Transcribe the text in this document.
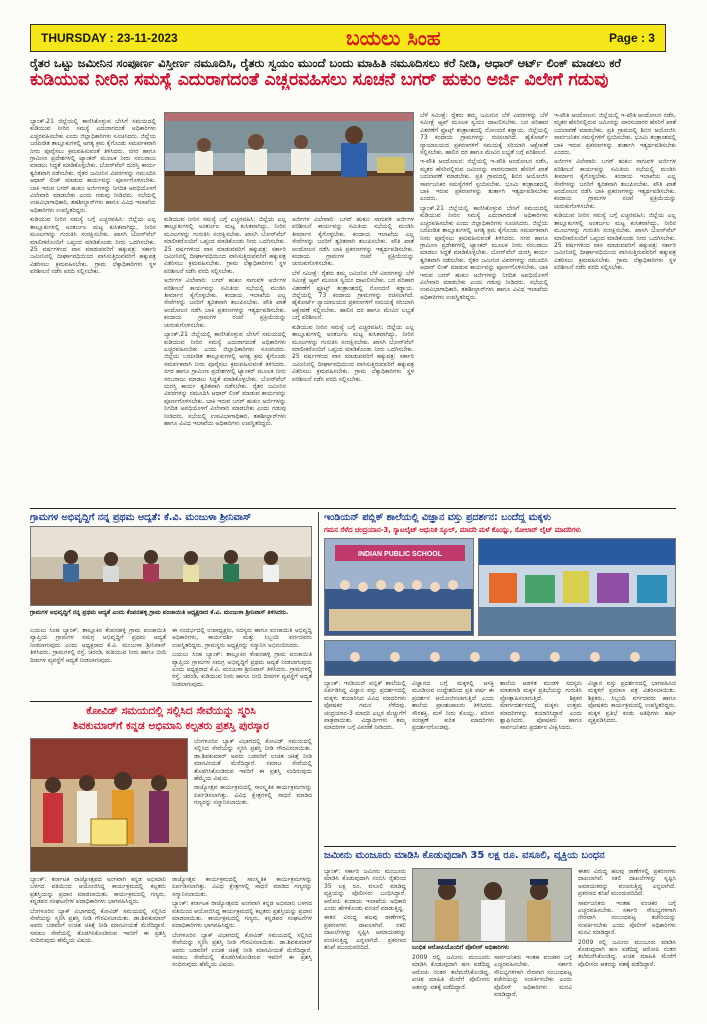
THURSDAY : 23-11-2023	ಬಯಲು ಸಿಂಹ	Page : 3
ರೈತರ ಒಟ್ಟು ಜಮೀನಿನ ಸಂಪೂರ್ಣ ವಿಸ್ತೀರ್ಣ ನಮೂದಿಸಿ, ರೈತರು ಸ್ವಯಂ ಮುಂದೆ ಬಂದು ಮಾಹಿತಿ ನಮೂದಿಸಲು ಕರೆ ನೀಡಿ, ಆಧಾರ್ ಆರ್ಟ್ ಲಿಂಕ್ ಮಾಡಲು ಕರೆ
ಕುಡಿಯುವ ನೀರಿನ ಸಮಸ್ಯೆ ಎದುರಾಗದಂತೆ ಎಚ್ಚರವಹಿಸಲು ಸೂಚನೆ ಬಗರ್ ಹುಕುಂ ಅರ್ಜಿ ವಿಲೇಗೆ ಗಡುವು

ಬ್ಯಾಂಕ್.21 ಜಿಲ್ಲೆಯಲ್ಲಿ ಕಾಣಿಸಿಕೊಳ್ಳುವ ಬೇಸಿಗೆ ಸಮಯದಲ್ಲಿ ಕುಡಿಯುವ ನೀರಿನ ಸಮಸ್ಯೆ ಎದುರಾಗದಂತೆ ಅಧಿಕಾರಿಗಳು ಎಚ್ಚರವಹಿಸಬೇಕು ಎಂದು ಜಿಲ್ಲಾಧಿಕಾರಿಗಳು ಸೂಚಿಸಿದರು. ಜಿಲ್ಲೆಯ ಬರಪೀಡಿತ ತಾಲ್ಲೂಕುಗಳಲ್ಲಿ ಅಗತ್ಯ ಕ್ರಮ ಕೈಗೊಂಡು ಸಮರ್ಪಕವಾಗಿ ನೀರು ಪೂರೈಸಲು ಕ್ರಮವಹಿಸುವಂತೆ ತಿಳಿಸಿದರು. ನಗರ ಹಾಗೂ ಗ್ರಾಮೀಣ ಪ್ರದೇಶಗಳಲ್ಲಿ ಟ್ಯಾಂಕರ್ ಮೂಲಕ ನೀರು ಸರಬರಾಜು ಮಾಡಲು ಸಿದ್ಧತೆ ಮಾಡಿಕೊಳ್ಳಬೇಕು. ಬೋರ್‌ವೆಲ್ ದುರಸ್ತಿ ಕಾರ್ಯ ತ್ವರಿತವಾಗಿ ನಡೆಸಬೇಕು. ರೈತರ ಜಮೀನಿನ ವಿವರಗಳನ್ನು ನಮೂದಿಸಿ ಆಧಾರ್ ಲಿಂಕ್ ಮಾಡುವ ಕಾರ್ಯವನ್ನು ಪೂರ್ಣಗೊಳಿಸಬೇಕು. ಬಾಕಿ ಇರುವ ಬಗರ್ ಹುಕುಂ ಅರ್ಜಿಗಳನ್ನು ನಿಗದಿತ ಅವಧಿಯೊಳಗೆ ವಿಲೇವಾರಿ ಮಾಡಬೇಕು ಎಂದು ಗಡುವು ನೀಡಿದರು. ಸಭೆಯಲ್ಲಿ ಉಪವಿಭಾಗಾಧಿಕಾರಿ, ತಹಶೀಲ್ದಾರ್‌ಗಳು ಹಾಗೂ ವಿವಿಧ ಇಲಾಖೆಯ ಅಧಿಕಾರಿಗಳು ಉಪಸ್ಥಿತರಿದ್ದರು.

ಕುಡಿಯುವ ನೀರಿನ ಸಮಸ್ಯೆ ಬಗ್ಗೆ ಎಚ್ಚರವಹಿಸಿ: ಜಿಲ್ಲೆಯ ಎಲ್ಲ ತಾಲ್ಲೂಕುಗಳಲ್ಲಿ ಅಂತರ್ಜಲ ಮಟ್ಟ ಕುಸಿತವಾಗಿದ್ದು, ನೀರಿನ ಮೂಲಗಳನ್ನು ಗುರುತಿಸಿ ಸಂರಕ್ಷಿಸಬೇಕು. ಖಾಸಗಿ ಬೋರ್‌ವೆಲ್ ಮಾಲೀಕರೊಂದಿಗೆ ಒಪ್ಪಂದ ಮಾಡಿಕೊಂಡು ನೀರು ಒದಗಿಸಬೇಕು. 25 ವರ್ಷಗಳಿಂದ ವಾಸ ಮಾಡುವವರಿಗೆ ಹಕ್ಕುಪತ್ರ: ಸರ್ಕಾರಿ ಜಮೀನಿನಲ್ಲಿ ದೀರ್ಘಾವಧಿಯಿಂದ ವಾಸಿಸುತ್ತಿರುವವರಿಗೆ ಹಕ್ಕುಪತ್ರ ವಿತರಿಸಲು ಕ್ರಮವಹಿಸಬೇಕು. ಗ್ರಾಮ ಲೆಕ್ಕಾಧಿಕಾರಿಗಳು ಸ್ಥಳ ಪರಿಶೀಲನೆ ನಡೆಸಿ ವರದಿ ಸಲ್ಲಿಸಬೇಕು.

ಕುಡಿಯುವ ನೀರಿನ ಸಮಸ್ಯೆ ಬಗ್ಗೆ ಎಚ್ಚರವಹಿಸಿ: ಜಿಲ್ಲೆಯ ಎಲ್ಲ ತಾಲ್ಲೂಕುಗಳಲ್ಲಿ ಅಂತರ್ಜಲ ಮಟ್ಟ ಕುಸಿತವಾಗಿದ್ದು, ನೀರಿನ ಮೂಲಗಳನ್ನು ಗುರುತಿಸಿ ಸಂರಕ್ಷಿಸಬೇಕು. ಖಾಸಗಿ ಬೋರ್‌ವೆಲ್ ಮಾಲೀಕರೊಂದಿಗೆ ಒಪ್ಪಂದ ಮಾಡಿಕೊಂಡು ನೀರು ಒದಗಿಸಬೇಕು. 25 ವರ್ಷಗಳಿಂದ ವಾಸ ಮಾಡುವವರಿಗೆ ಹಕ್ಕುಪತ್ರ: ಸರ್ಕಾರಿ ಜಮೀನಿನಲ್ಲಿ ದೀರ್ಘಾವಧಿಯಿಂದ ವಾಸಿಸುತ್ತಿರುವವರಿಗೆ ಹಕ್ಕುಪತ್ರ ವಿತರಿಸಲು ಕ್ರಮವಹಿಸಬೇಕು. ಗ್ರಾಮ ಲೆಕ್ಕಾಧಿಕಾರಿಗಳು ಸ್ಥಳ ಪರಿಶೀಲನೆ ನಡೆಸಿ ವರದಿ ಸಲ್ಲಿಸಬೇಕು.

ಅರ್ಜಿಗಳ ವಿಲೇವಾರಿ: ಬಗರ್ ಹುಕುಂ ಸಾಗುವಳಿ ಅರ್ಜಿಗಳ ಪರಿಶೀಲನೆ ಕಾರ್ಯವನ್ನು ಸಮಿತಿಯ ಸಭೆಯಲ್ಲಿ ಮಂಡಿಸಿ ತೀರ್ಮಾನ ಕೈಗೊಳ್ಳಬೇಕು. ಕಂದಾಯ ಇಲಾಖೆಯ ಎಲ್ಲ ಸೇವೆಗಳನ್ನು ಜನರಿಗೆ ತ್ವರಿತವಾಗಿ ತಲುಪಿಸಬೇಕು. ಪೌತಿ ಖಾತೆ ಆಂದೋಲನ ನಡೆಸಿ ಬಾಕಿ ಪ್ರಕರಣಗಳನ್ನು ಇತ್ಯರ್ಥಪಡಿಸಬೇಕು. ಕಂದಾಯ ಗ್ರಾಮಗಳ ರಚನೆ ಪ್ರಕ್ರಿಯೆಯನ್ನು ಚುರುಕುಗೊಳಿಸಬೇಕು.

ಬ್ಯಾಂಕ್.21 ಜಿಲ್ಲೆಯಲ್ಲಿ ಕಾಣಿಸಿಕೊಳ್ಳುವ ಬೇಸಿಗೆ ಸಮಯದಲ್ಲಿ ಕುಡಿಯುವ ನೀರಿನ ಸಮಸ್ಯೆ ಎದುರಾಗದಂತೆ ಅಧಿಕಾರಿಗಳು ಎಚ್ಚರವಹಿಸಬೇಕು ಎಂದು ಜಿಲ್ಲಾಧಿಕಾರಿಗಳು ಸೂಚಿಸಿದರು. ಜಿಲ್ಲೆಯ ಬರಪೀಡಿತ ತಾಲ್ಲೂಕುಗಳಲ್ಲಿ ಅಗತ್ಯ ಕ್ರಮ ಕೈಗೊಂಡು ಸಮರ್ಪಕವಾಗಿ ನೀರು ಪೂರೈಸಲು ಕ್ರಮವಹಿಸುವಂತೆ ತಿಳಿಸಿದರು. ನಗರ ಹಾಗೂ ಗ್ರಾಮೀಣ ಪ್ರದೇಶಗಳಲ್ಲಿ ಟ್ಯಾಂಕರ್ ಮೂಲಕ ನೀರು ಸರಬರಾಜು ಮಾಡಲು ಸಿದ್ಧತೆ ಮಾಡಿಕೊಳ್ಳಬೇಕು. ಬೋರ್‌ವೆಲ್ ದುರಸ್ತಿ ಕಾರ್ಯ ತ್ವರಿತವಾಗಿ ನಡೆಸಬೇಕು. ರೈತರ ಜಮೀನಿನ ವಿವರಗಳನ್ನು ನಮೂದಿಸಿ ಆಧಾರ್ ಲಿಂಕ್ ಮಾಡುವ ಕಾರ್ಯವನ್ನು ಪೂರ್ಣಗೊಳಿಸಬೇಕು. ಬಾಕಿ ಇರುವ ಬಗರ್ ಹುಕುಂ ಅರ್ಜಿಗಳನ್ನು ನಿಗದಿತ ಅವಧಿಯೊಳಗೆ ವಿಲೇವಾರಿ ಮಾಡಬೇಕು ಎಂದು ಗಡುವು ನೀಡಿದರು. ಸಭೆಯಲ್ಲಿ ಉಪವಿಭಾಗಾಧಿಕಾರಿ, ತಹಶೀಲ್ದಾರ್‌ಗಳು ಹಾಗೂ ವಿವಿಧ ಇಲಾಖೆಯ ಅಧಿಕಾರಿಗಳು ಉಪಸ್ಥಿತರಿದ್ದರು.

ಅರ್ಜಿಗಳ ವಿಲೇವಾರಿ: ಬಗರ್ ಹುಕುಂ ಸಾಗುವಳಿ ಅರ್ಜಿಗಳ ಪರಿಶೀಲನೆ ಕಾರ್ಯವನ್ನು ಸಮಿತಿಯ ಸಭೆಯಲ್ಲಿ ಮಂಡಿಸಿ ತೀರ್ಮಾನ ಕೈಗೊಳ್ಳಬೇಕು. ಕಂದಾಯ ಇಲಾಖೆಯ ಎಲ್ಲ ಸೇವೆಗಳನ್ನು ಜನರಿಗೆ ತ್ವರಿತವಾಗಿ ತಲುಪಿಸಬೇಕು. ಪೌತಿ ಖಾತೆ ಆಂದೋಲನ ನಡೆಸಿ ಬಾಕಿ ಪ್ರಕರಣಗಳನ್ನು ಇತ್ಯರ್ಥಪಡಿಸಬೇಕು. ಕಂದಾಯ ಗ್ರಾಮಗಳ ರಚನೆ ಪ್ರಕ್ರಿಯೆಯನ್ನು ಚುರುಕುಗೊಳಿಸಬೇಕು.

ಬೆಳೆ ಸಮೀಕ್ಷೆ: ರೈತರು ತಮ್ಮ ಜಮೀನಿನ ಬೆಳೆ ವಿವರಗಳನ್ನು ಬೆಳೆ ಸಮೀಕ್ಷೆ ಆ್ಯಪ್ ಮೂಲಕ ಸ್ವಯಂ ದಾಖಲಿಸಬೇಕು. ಬರ ಪರಿಹಾರ ವಿತರಣೆಗೆ ಫ್ರೂಟ್ಸ್ ತಂತ್ರಾಂಶದಲ್ಲಿ ನೋಂದಣಿ ಕಡ್ಡಾಯ. ಜಿಲ್ಲೆಯಲ್ಲಿ 73 ಕಂದಾಯ ಗ್ರಾಮಗಳನ್ನು ರಚಿಸಲಾಗಿದೆ. ಹೈಕೋರ್ಟ್ ನ್ಯಾಯಾಲಯದ ಪ್ರಕರಣಗಳಿಗೆ ಸಮಯಕ್ಕೆ ಸರಿಯಾಗಿ ಆಕ್ಷೇಪಣೆ ಸಲ್ಲಿಸಬೇಕು. ಹಾಲಿನ ದರ ಹಾಗೂ ಮೇವಿನ ಲಭ್ಯತೆ ಬಗ್ಗೆ ಪರಿಶೀಲನೆ.

ಕುಡಿಯುವ ನೀರಿನ ಸಮಸ್ಯೆ ಬಗ್ಗೆ ಎಚ್ಚರವಹಿಸಿ: ಜಿಲ್ಲೆಯ ಎಲ್ಲ ತಾಲ್ಲೂಕುಗಳಲ್ಲಿ ಅಂತರ್ಜಲ ಮಟ್ಟ ಕುಸಿತವಾಗಿದ್ದು, ನೀರಿನ ಮೂಲಗಳನ್ನು ಗುರುತಿಸಿ ಸಂರಕ್ಷಿಸಬೇಕು. ಖಾಸಗಿ ಬೋರ್‌ವೆಲ್ ಮಾಲೀಕರೊಂದಿಗೆ ಒಪ್ಪಂದ ಮಾಡಿಕೊಂಡು ನೀರು ಒದಗಿಸಬೇಕು. 25 ವರ್ಷಗಳಿಂದ ವಾಸ ಮಾಡುವವರಿಗೆ ಹಕ್ಕುಪತ್ರ: ಸರ್ಕಾರಿ ಜಮೀನಿನಲ್ಲಿ ದೀರ್ಘಾವಧಿಯಿಂದ ವಾಸಿಸುತ್ತಿರುವವರಿಗೆ ಹಕ್ಕುಪತ್ರ ವಿತರಿಸಲು ಕ್ರಮವಹಿಸಬೇಕು. ಗ್ರಾಮ ಲೆಕ್ಕಾಧಿಕಾರಿಗಳು ಸ್ಥಳ ಪರಿಶೀಲನೆ ನಡೆಸಿ ವರದಿ ಸಲ್ಲಿಸಬೇಕು.

ಬೆಳೆ ಸಮೀಕ್ಷೆ: ರೈತರು ತಮ್ಮ ಜಮೀನಿನ ಬೆಳೆ ವಿವರಗಳನ್ನು ಬೆಳೆ ಸಮೀಕ್ಷೆ ಆ್ಯಪ್ ಮೂಲಕ ಸ್ವಯಂ ದಾಖಲಿಸಬೇಕು. ಬರ ಪರಿಹಾರ ವಿತರಣೆಗೆ ಫ್ರೂಟ್ಸ್ ತಂತ್ರಾಂಶದಲ್ಲಿ ನೋಂದಣಿ ಕಡ್ಡಾಯ. ಜಿಲ್ಲೆಯಲ್ಲಿ 73 ಕಂದಾಯ ಗ್ರಾಮಗಳನ್ನು ರಚಿಸಲಾಗಿದೆ. ಹೈಕೋರ್ಟ್ ನ್ಯಾಯಾಲಯದ ಪ್ರಕರಣಗಳಿಗೆ ಸಮಯಕ್ಕೆ ಸರಿಯಾಗಿ ಆಕ್ಷೇಪಣೆ ಸಲ್ಲಿಸಬೇಕು. ಹಾಲಿನ ದರ ಹಾಗೂ ಮೇವಿನ ಲಭ್ಯತೆ ಬಗ್ಗೆ ಪರಿಶೀಲನೆ.

ಇ-ಪೌತಿ ಆಂದೋಲನ: ಜಿಲ್ಲೆಯಲ್ಲಿ ಇ-ಪೌತಿ ಆಂದೋಲನ ನಡೆಸಿ, ಮೃತರ ಹೆಸರಿನಲ್ಲಿರುವ ಜಮೀನನ್ನು ವಾರಸುದಾರರ ಹೆಸರಿಗೆ ಖಾತೆ ಬದಲಾವಣೆ ಮಾಡಬೇಕು. ಪ್ರತಿ ಗ್ರಾಮದಲ್ಲಿ ಶಿಬಿರ ಆಯೋಜಿಸಿ ಸಾರ್ವಜನಿಕರ ಸಮಸ್ಯೆಗಳಿಗೆ ಸ್ಪಂದಿಸಬೇಕು. ಭೂಮಿ ತಂತ್ರಾಂಶದಲ್ಲಿ ಬಾಕಿ ಇರುವ ಪ್ರಕರಣಗಳನ್ನು ತುರ್ತಾಗಿ ಇತ್ಯರ್ಥಪಡಿಸಬೇಕು ಎಂದರು.

ಬ್ಯಾಂಕ್.21 ಜಿಲ್ಲೆಯಲ್ಲಿ ಕಾಣಿಸಿಕೊಳ್ಳುವ ಬೇಸಿಗೆ ಸಮಯದಲ್ಲಿ ಕುಡಿಯುವ ನೀರಿನ ಸಮಸ್ಯೆ ಎದುರಾಗದಂತೆ ಅಧಿಕಾರಿಗಳು ಎಚ್ಚರವಹಿಸಬೇಕು ಎಂದು ಜಿಲ್ಲಾಧಿಕಾರಿಗಳು ಸೂಚಿಸಿದರು. ಜಿಲ್ಲೆಯ ಬರಪೀಡಿತ ತಾಲ್ಲೂಕುಗಳಲ್ಲಿ ಅಗತ್ಯ ಕ್ರಮ ಕೈಗೊಂಡು ಸಮರ್ಪಕವಾಗಿ ನೀರು ಪೂರೈಸಲು ಕ್ರಮವಹಿಸುವಂತೆ ತಿಳಿಸಿದರು. ನಗರ ಹಾಗೂ ಗ್ರಾಮೀಣ ಪ್ರದೇಶಗಳಲ್ಲಿ ಟ್ಯಾಂಕರ್ ಮೂಲಕ ನೀರು ಸರಬರಾಜು ಮಾಡಲು ಸಿದ್ಧತೆ ಮಾಡಿಕೊಳ್ಳಬೇಕು. ಬೋರ್‌ವೆಲ್ ದುರಸ್ತಿ ಕಾರ್ಯ ತ್ವರಿತವಾಗಿ ನಡೆಸಬೇಕು. ರೈತರ ಜಮೀನಿನ ವಿವರಗಳನ್ನು ನಮೂದಿಸಿ ಆಧಾರ್ ಲಿಂಕ್ ಮಾಡುವ ಕಾರ್ಯವನ್ನು ಪೂರ್ಣಗೊಳಿಸಬೇಕು. ಬಾಕಿ ಇರುವ ಬಗರ್ ಹುಕುಂ ಅರ್ಜಿಗಳನ್ನು ನಿಗದಿತ ಅವಧಿಯೊಳಗೆ ವಿಲೇವಾರಿ ಮಾಡಬೇಕು ಎಂದು ಗಡುವು ನೀಡಿದರು. ಸಭೆಯಲ್ಲಿ ಉಪವಿಭಾಗಾಧಿಕಾರಿ, ತಹಶೀಲ್ದಾರ್‌ಗಳು ಹಾಗೂ ವಿವಿಧ ಇಲಾಖೆಯ ಅಧಿಕಾರಿಗಳು ಉಪಸ್ಥಿತರಿದ್ದರು.

ಇ-ಪೌತಿ ಆಂದೋಲನ: ಜಿಲ್ಲೆಯಲ್ಲಿ ಇ-ಪೌತಿ ಆಂದೋಲನ ನಡೆಸಿ, ಮೃತರ ಹೆಸರಿನಲ್ಲಿರುವ ಜಮೀನನ್ನು ವಾರಸುದಾರರ ಹೆಸರಿಗೆ ಖಾತೆ ಬದಲಾವಣೆ ಮಾಡಬೇಕು. ಪ್ರತಿ ಗ್ರಾಮದಲ್ಲಿ ಶಿಬಿರ ಆಯೋಜಿಸಿ ಸಾರ್ವಜನಿಕರ ಸಮಸ್ಯೆಗಳಿಗೆ ಸ್ಪಂದಿಸಬೇಕು. ಭೂಮಿ ತಂತ್ರಾಂಶದಲ್ಲಿ ಬಾಕಿ ಇರುವ ಪ್ರಕರಣಗಳನ್ನು ತುರ್ತಾಗಿ ಇತ್ಯರ್ಥಪಡಿಸಬೇಕು ಎಂದರು.

ಅರ್ಜಿಗಳ ವಿಲೇವಾರಿ: ಬಗರ್ ಹುಕುಂ ಸಾಗುವಳಿ ಅರ್ಜಿಗಳ ಪರಿಶೀಲನೆ ಕಾರ್ಯವನ್ನು ಸಮಿತಿಯ ಸಭೆಯಲ್ಲಿ ಮಂಡಿಸಿ ತೀರ್ಮಾನ ಕೈಗೊಳ್ಳಬೇಕು. ಕಂದಾಯ ಇಲಾಖೆಯ ಎಲ್ಲ ಸೇವೆಗಳನ್ನು ಜನರಿಗೆ ತ್ವರಿತವಾಗಿ ತಲುಪಿಸಬೇಕು. ಪೌತಿ ಖಾತೆ ಆಂದೋಲನ ನಡೆಸಿ ಬಾಕಿ ಪ್ರಕರಣಗಳನ್ನು ಇತ್ಯರ್ಥಪಡಿಸಬೇಕು. ಕಂದಾಯ ಗ್ರಾಮಗಳ ರಚನೆ ಪ್ರಕ್ರಿಯೆಯನ್ನು ಚುರುಕುಗೊಳಿಸಬೇಕು.

ಕುಡಿಯುವ ನೀರಿನ ಸಮಸ್ಯೆ ಬಗ್ಗೆ ಎಚ್ಚರವಹಿಸಿ: ಜಿಲ್ಲೆಯ ಎಲ್ಲ ತಾಲ್ಲೂಕುಗಳಲ್ಲಿ ಅಂತರ್ಜಲ ಮಟ್ಟ ಕುಸಿತವಾಗಿದ್ದು, ನೀರಿನ ಮೂಲಗಳನ್ನು ಗುರುತಿಸಿ ಸಂರಕ್ಷಿಸಬೇಕು. ಖಾಸಗಿ ಬೋರ್‌ವೆಲ್ ಮಾಲೀಕರೊಂದಿಗೆ ಒಪ್ಪಂದ ಮಾಡಿಕೊಂಡು ನೀರು ಒದಗಿಸಬೇಕು. 25 ವರ್ಷಗಳಿಂದ ವಾಸ ಮಾಡುವವರಿಗೆ ಹಕ್ಕುಪತ್ರ: ಸರ್ಕಾರಿ ಜಮೀನಿನಲ್ಲಿ ದೀರ್ಘಾವಧಿಯಿಂದ ವಾಸಿಸುತ್ತಿರುವವರಿಗೆ ಹಕ್ಕುಪತ್ರ ವಿತರಿಸಲು ಕ್ರಮವಹಿಸಬೇಕು. ಗ್ರಾಮ ಲೆಕ್ಕಾಧಿಕಾರಿಗಳು ಸ್ಥಳ ಪರಿಶೀಲನೆ ನಡೆಸಿ ವರದಿ ಸಲ್ಲಿಸಬೇಕು.

ಗ್ರಾಮಗಳ ಅಭಿವೃದ್ಧಿಗೆ ನನ್ನ ಪ್ರಥಮ ಆದ್ಯತೆ: ಕೆ.ವಿ. ಮಂಜುಳಾ ಶ್ರೀನಿವಾಸ್
ಗ್ರಾಮಗಳ ಅಭಿವೃದ್ಧಿಗೆ ನನ್ನ ಪ್ರಥಮ ಆದ್ಯತೆ ಎಂದು ಕೆಂಪನಹಳ್ಳಿ ಗ್ರಾಮ ಪಂಚಾಯಿತಿ ಅಧ್ಯಕ್ಷರಾದ ಕೆ.ವಿ. ಮಂಜುಳಾ ಶ್ರೀನಿವಾಸ್ ತಿಳಿಸಿದರು.

ಬಯಲು ಸಿಂಹ ಬ್ಯಾಂಕ್: ತಾಲ್ಲೂಕಿನ ಕೆಂಪನಹಳ್ಳಿ ಗ್ರಾಮ ಪಂಚಾಯಿತಿ ವ್ಯಾಪ್ತಿಯ ಗ್ರಾಮಗಳ ಸಮಗ್ರ ಅಭಿವೃದ್ಧಿಗೆ ಪ್ರಥಮ ಆದ್ಯತೆ ನೀಡಲಾಗುವುದು ಎಂದು ಅಧ್ಯಕ್ಷರಾದ ಕೆ.ವಿ. ಮಂಜುಳಾ ಶ್ರೀನಿವಾಸ್ ತಿಳಿಸಿದರು. ಗ್ರಾಮಗಳಲ್ಲಿ ರಸ್ತೆ, ಚರಂಡಿ, ಕುಡಿಯುವ ನೀರು ಹಾಗೂ ಬೀದಿ ದೀಪಗಳ ವ್ಯವಸ್ಥೆಗೆ ಆದ್ಯತೆ ನೀಡಲಾಗುವುದು.

ಈ ಸಂದರ್ಭದಲ್ಲಿ ಉಪಾಧ್ಯಕ್ಷರು, ಸದಸ್ಯರು ಹಾಗೂ ಪಂಚಾಯಿತಿ ಅಭಿವೃದ್ಧಿ ಅಧಿಕಾರಿಗಳು, ಕಾರ್ಯದರ್ಶಿ ಮತ್ತು ಸಿಬ್ಬಂದಿ ವರ್ಗದವರು ಉಪಸ್ಥಿತರಿದ್ದರು. ಗ್ರಾಮಸ್ಥರು ಅಧ್ಯಕ್ಷರನ್ನು ಸನ್ಮಾನಿಸಿ ಅಭಿನಂದಿಸಿದರು.

ಬಯಲು ಸಿಂಹ ಬ್ಯಾಂಕ್: ತಾಲ್ಲೂಕಿನ ಕೆಂಪನಹಳ್ಳಿ ಗ್ರಾಮ ಪಂಚಾಯಿತಿ ವ್ಯಾಪ್ತಿಯ ಗ್ರಾಮಗಳ ಸಮಗ್ರ ಅಭಿವೃದ್ಧಿಗೆ ಪ್ರಥಮ ಆದ್ಯತೆ ನೀಡಲಾಗುವುದು ಎಂದು ಅಧ್ಯಕ್ಷರಾದ ಕೆ.ವಿ. ಮಂಜುಳಾ ಶ್ರೀನಿವಾಸ್ ತಿಳಿಸಿದರು. ಗ್ರಾಮಗಳಲ್ಲಿ ರಸ್ತೆ, ಚರಂಡಿ, ಕುಡಿಯುವ ನೀರು ಹಾಗೂ ಬೀದಿ ದೀಪಗಳ ವ್ಯವಸ್ಥೆಗೆ ಆದ್ಯತೆ ನೀಡಲಾಗುವುದು.

ಕೋವಿಡ್ ಸಮಯದಲ್ಲಿ ಸಲ್ಲಿಸಿದ ಸೇವೆಯನ್ನು ಸ್ಮರಿಸಿ
ಶಿವಕುಮಾರ್‌ಗೆ ಕನ್ನಡ ಅಭಿಮಾನಿ ಕಲ್ಪತರು ಪ್ರಶಸ್ತಿ ಪುರಸ್ಕಾರ

ಬೆಂಗಳೂರಿನ ಬ್ಯಾಕ್ ವಿಭಾಗದಲ್ಲಿ ಕೋವಿಡ್ ಸಮಯದಲ್ಲಿ ಸಲ್ಲಿಸಿದ ಸೇವೆಯನ್ನು ಸ್ಮರಿಸಿ ಪ್ರಶಸ್ತಿ ನೀಡಿ ಗೌರವಿಸಲಾಯಿತು. ಡಾ.ಶಿವಕುಮಾರ್ ಅವರು ಬಡವರಿಗೆ ಉಚಿತ ಚಿಕಿತ್ಸೆ ನೀಡಿ ಮಾನವೀಯತೆ ಮೆರೆದಿದ್ದಾರೆ. ಸಮಾಜ ಸೇವೆಯಲ್ಲಿ ತೊಡಗಿಸಿಕೊಂಡಿರುವ ಇವರಿಗೆ ಈ ಪ್ರಶಸ್ತಿ ಸಂದಿರುವುದು ಹೆಮ್ಮೆಯ ವಿಷಯ.

ರಾಜ್ಯೋತ್ಸವ ಕಾರ್ಯಕ್ರಮದಲ್ಲಿ ಸಾಂಸ್ಕೃತಿಕ ಕಾರ್ಯಕ್ರಮಗಳನ್ನು ಏರ್ಪಡಿಸಲಾಗಿತ್ತು. ವಿವಿಧ ಕ್ಷೇತ್ರಗಳಲ್ಲಿ ಸಾಧನೆ ಮಾಡಿದ ಗಣ್ಯರನ್ನು ಸನ್ಮಾನಿಸಲಾಯಿತು.

ಬ್ಯಾಂಕ್: ಕರ್ನಾಟಕ ರಾಜ್ಯೋತ್ಸವದ ಅಂಗವಾಗಿ ಕನ್ನಡ ಅಭಿಮಾನಿ ಬಳಗದ ವತಿಯಿಂದ ಆಯೋಜಿಸಿದ್ದ ಕಾರ್ಯಕ್ರಮದಲ್ಲಿ ಕಲ್ಪತರು ಪ್ರಶಸ್ತಿಯನ್ನು ಪ್ರದಾನ ಮಾಡಲಾಯಿತು. ಕಾರ್ಯಕ್ರಮದಲ್ಲಿ ಗಣ್ಯರು, ಕನ್ನಡಪರ ಸಂಘಟನೆಗಳ ಪದಾಧಿಕಾರಿಗಳು ಭಾಗವಹಿಸಿದ್ದರು.

ಬೆಂಗಳೂರಿನ ಬ್ಯಾಕ್ ವಿಭಾಗದಲ್ಲಿ ಕೋವಿಡ್ ಸಮಯದಲ್ಲಿ ಸಲ್ಲಿಸಿದ ಸೇವೆಯನ್ನು ಸ್ಮರಿಸಿ ಪ್ರಶಸ್ತಿ ನೀಡಿ ಗೌರವಿಸಲಾಯಿತು. ಡಾ.ಶಿವಕುಮಾರ್ ಅವರು ಬಡವರಿಗೆ ಉಚಿತ ಚಿಕಿತ್ಸೆ ನೀಡಿ ಮಾನವೀಯತೆ ಮೆರೆದಿದ್ದಾರೆ. ಸಮಾಜ ಸೇವೆಯಲ್ಲಿ ತೊಡಗಿಸಿಕೊಂಡಿರುವ ಇವರಿಗೆ ಈ ಪ್ರಶಸ್ತಿ ಸಂದಿರುವುದು ಹೆಮ್ಮೆಯ ವಿಷಯ.

ರಾಜ್ಯೋತ್ಸವ ಕಾರ್ಯಕ್ರಮದಲ್ಲಿ ಸಾಂಸ್ಕೃತಿಕ ಕಾರ್ಯಕ್ರಮಗಳನ್ನು ಏರ್ಪಡಿಸಲಾಗಿತ್ತು. ವಿವಿಧ ಕ್ಷೇತ್ರಗಳಲ್ಲಿ ಸಾಧನೆ ಮಾಡಿದ ಗಣ್ಯರನ್ನು ಸನ್ಮಾನಿಸಲಾಯಿತು.

ಬ್ಯಾಂಕ್: ಕರ್ನಾಟಕ ರಾಜ್ಯೋತ್ಸವದ ಅಂಗವಾಗಿ ಕನ್ನಡ ಅಭಿಮಾನಿ ಬಳಗದ ವತಿಯಿಂದ ಆಯೋಜಿಸಿದ್ದ ಕಾರ್ಯಕ್ರಮದಲ್ಲಿ ಕಲ್ಪತರು ಪ್ರಶಸ್ತಿಯನ್ನು ಪ್ರದಾನ ಮಾಡಲಾಯಿತು. ಕಾರ್ಯಕ್ರಮದಲ್ಲಿ ಗಣ್ಯರು, ಕನ್ನಡಪರ ಸಂಘಟನೆಗಳ ಪದಾಧಿಕಾರಿಗಳು ಭಾಗವಹಿಸಿದ್ದರು.

ಬೆಂಗಳೂರಿನ ಬ್ಯಾಕ್ ವಿಭಾಗದಲ್ಲಿ ಕೋವಿಡ್ ಸಮಯದಲ್ಲಿ ಸಲ್ಲಿಸಿದ ಸೇವೆಯನ್ನು ಸ್ಮರಿಸಿ ಪ್ರಶಸ್ತಿ ನೀಡಿ ಗೌರವಿಸಲಾಯಿತು. ಡಾ.ಶಿವಕುಮಾರ್ ಅವರು ಬಡವರಿಗೆ ಉಚಿತ ಚಿಕಿತ್ಸೆ ನೀಡಿ ಮಾನವೀಯತೆ ಮೆರೆದಿದ್ದಾರೆ. ಸಮಾಜ ಸೇವೆಯಲ್ಲಿ ತೊಡಗಿಸಿಕೊಂಡಿರುವ ಇವರಿಗೆ ಈ ಪ್ರಶಸ್ತಿ ಸಂದಿರುವುದು ಹೆಮ್ಮೆಯ ವಿಷಯ.

ಇಂಡಿಯನ್ ಪಬ್ಲಿಕ್ ಶಾಲೆಯಲ್ಲಿ ವಿಜ್ಞಾನ ವಸ್ತು ಪ್ರದರ್ಶನ: ಬಂದೆದ್ದ ಮಕ್ಕಳು
ಗಮನ ಸೆಳೆದ ಚಂದ್ರಯಾನ-3, ಸ್ಯಾಟಲೈಟ್ ಆಧುನಿಕ ಸ್ಕೂಲ್, ಮಾದರಿ ಮಳೆ ಕೊಯ್ಲು, ಸೋಲಾರ್ ಲೈಟ್ ಮಾದರಿಗಳು
INDIAN PUBLIC SCHOOL

ಬ್ಯಾಂಕ್: ಇಂಡಿಯನ್ ಪಬ್ಲಿಕ್ ಶಾಲೆಯಲ್ಲಿ ಏರ್ಪಡಿಸಿದ್ದ ವಿಜ್ಞಾನ ವಸ್ತು ಪ್ರದರ್ಶನದಲ್ಲಿ ಮಕ್ಕಳು ತಯಾರಿಸಿದ ವಿವಿಧ ಮಾದರಿಗಳು ಪೋಷಕರ ಗಮನ ಸೆಳೆದವು. ಚಂದ್ರಯಾನ-3 ಮಾದರಿ ಎಲ್ಲರ ಮೆಚ್ಚುಗೆಗೆ ಪಾತ್ರವಾಯಿತು. ವಿದ್ಯಾರ್ಥಿಗಳು ತಮ್ಮ ಮಾದರಿಗಳ ಬಗ್ಗೆ ವಿವರಣೆ ನೀಡಿದರು.

ವಿಜ್ಞಾನದ ಬಗ್ಗೆ ಮಕ್ಕಳಲ್ಲಿ ಆಸಕ್ತಿ ಮೂಡಿಸುವ ಉದ್ದೇಶದಿಂದ ಪ್ರತಿ ವರ್ಷ ಈ ಪ್ರದರ್ಶನ ಆಯೋಜಿಸಲಾಗುತ್ತಿದೆ ಎಂದು ಶಾಲೆಯ ಪ್ರಾಂಶುಪಾಲರು ತಿಳಿಸಿದರು. ಸೌರಶಕ್ತಿ, ಮಳೆ ನೀರು ಕೊಯ್ಲು, ಪರಿಸರ ಸಂರಕ್ಷಣೆ ಕುರಿತ ಮಾದರಿಗಳು ಪ್ರದರ್ಶನಗೊಂಡವು.

ಶಾಲೆಯ ಆಡಳಿತ ಮಂಡಳಿ ಸದಸ್ಯರು ಮಾತನಾಡಿ ಮಕ್ಕಳ ಪ್ರತಿಭೆಯನ್ನು ಗುರುತಿಸಿ ಪ್ರೋತ್ಸಾಹಿಸಲಾಗುತ್ತಿದೆ. ಶಿಕ್ಷಕರ ಮಾರ್ಗದರ್ಶನದಲ್ಲಿ ಮಕ್ಕಳು ಉತ್ತಮ ಮಾದರಿಗಳನ್ನು ತಯಾರಿಸಿದ್ದಾರೆ ಎಂದು ಶ್ಲಾಘಿಸಿದರು. ಪೋಷಕರು ಹಾಗೂ ಸಾರ್ವಜನಿಕರು ಪ್ರದರ್ಶನ ವೀಕ್ಷಿಸಿದರು.

ವಿಜ್ಞಾನ ವಸ್ತು ಪ್ರದರ್ಶನದಲ್ಲಿ ಭಾಗವಹಿಸಿದ ಮಕ್ಕಳಿಗೆ ಪ್ರಮಾಣ ಪತ್ರ ವಿತರಿಸಲಾಯಿತು. ಶಿಕ್ಷಕರು, ಸಿಬ್ಬಂದಿ ವರ್ಗದವರು ಹಾಗೂ ಪೋಷಕರು ಕಾರ್ಯಕ್ರಮದಲ್ಲಿ ಉಪಸ್ಥಿತರಿದ್ದರು. ಮಕ್ಕಳ ಪ್ರತಿಭೆ ಕಂಡು ಅತಿಥಿಗಳು ಹರ್ಷ ವ್ಯಕ್ತಪಡಿಸಿದರು.

ಜಮೀನು ಮಂಜೂರು ಮಾಡಿಸಿ ಕೊಡುವುದಾಗಿ 35 ಲಕ್ಷ ರೂ. ವಸೂಲಿ, ವ್ಯಕ್ತಿಯ ಬಂಧನ

ಬ್ಯಾಂಕ್: ಸರ್ಕಾರಿ ಜಮೀನು ಮಂಜೂರು ಮಾಡಿಸಿ ಕೊಡುವುದಾಗಿ ನಂಬಿಸಿ ರೈತರಿಂದ 35 ಲಕ್ಷ ರೂ. ವಸೂಲಿ ಮಾಡಿದ್ದ ವ್ಯಕ್ತಿಯನ್ನು ಪೊಲೀಸರು ಬಂಧಿಸಿದ್ದಾರೆ. ಆರೋಪಿ ಕಂದಾಯ ಇಲಾಖೆಯ ಅಧಿಕಾರಿ ಎಂದು ಹೇಳಿಕೊಂಡು ವಂಚನೆ ಮಾಡುತ್ತಿದ್ದ.

ಈತನ ವಿರುದ್ಧ ಹಲವು ಠಾಣೆಗಳಲ್ಲಿ ಪ್ರಕರಣಗಳು ದಾಖಲಾಗಿವೆ. ನಕಲಿ ದಾಖಲೆಗಳನ್ನು ಸೃಷ್ಟಿಸಿ ಅಮಾಯಕರನ್ನು ವಂಚಿಸುತ್ತಿದ್ದ ಎನ್ನಲಾಗಿದೆ. ಪ್ರಕರಣದ ತನಿಖೆ ಮುಂದುವರಿದಿದೆ.	ಬಂಧಿತ ಆರೋಪಿಯೊಂದಿಗೆ ಪೊಲೀಸ್ ಅಧಿಕಾರಿಗಳು

2009 ರಲ್ಲಿ ಜಮೀನು ಮಂಜೂರು ಮಾಡಿಸಿ ಕೊಡುವುದಾಗಿ ಹಣ ಪಡೆದಿದ್ದ ಆರೋಪಿ ನಂತರ ತಲೆಮರೆಸಿಕೊಂಡಿದ್ದ. ಖಚಿತ ಮಾಹಿತಿ ಮೇರೆಗೆ ಪೊಲೀಸರು ಆತನನ್ನು ವಶಕ್ಕೆ ಪಡೆದಿದ್ದಾರೆ.

ಸಾರ್ವಜನಿಕರು ಇಂತಹ ವಂಚಕರ ಬಗ್ಗೆ ಎಚ್ಚರವಹಿಸಬೇಕು. ಸರ್ಕಾರಿ ಸೌಲಭ್ಯಗಳಿಗಾಗಿ ನೇರವಾಗಿ ಸಂಬಂಧಪಟ್ಟ ಕಚೇರಿಯನ್ನು ಸಂಪರ್ಕಿಸಬೇಕು ಎಂದು ಪೊಲೀಸ್ ಅಧಿಕಾರಿಗಳು ಮನವಿ ಮಾಡಿದ್ದಾರೆ.

ಈತನ ವಿರುದ್ಧ ಹಲವು ಠಾಣೆಗಳಲ್ಲಿ ಪ್ರಕರಣಗಳು ದಾಖಲಾಗಿವೆ. ನಕಲಿ ದಾಖಲೆಗಳನ್ನು ಸೃಷ್ಟಿಸಿ ಅಮಾಯಕರನ್ನು ವಂಚಿಸುತ್ತಿದ್ದ ಎನ್ನಲಾಗಿದೆ. ಪ್ರಕರಣದ ತನಿಖೆ ಮುಂದುವರಿದಿದೆ.

ಸಾರ್ವಜನಿಕರು ಇಂತಹ ವಂಚಕರ ಬಗ್ಗೆ ಎಚ್ಚರವಹಿಸಬೇಕು. ಸರ್ಕಾರಿ ಸೌಲಭ್ಯಗಳಿಗಾಗಿ ನೇರವಾಗಿ ಸಂಬಂಧಪಟ್ಟ ಕಚೇರಿಯನ್ನು ಸಂಪರ್ಕಿಸಬೇಕು ಎಂದು ಪೊಲೀಸ್ ಅಧಿಕಾರಿಗಳು ಮನವಿ ಮಾಡಿದ್ದಾರೆ.

2009 ರಲ್ಲಿ ಜಮೀನು ಮಂಜೂರು ಮಾಡಿಸಿ ಕೊಡುವುದಾಗಿ ಹಣ ಪಡೆದಿದ್ದ ಆರೋಪಿ ನಂತರ ತಲೆಮರೆಸಿಕೊಂಡಿದ್ದ. ಖಚಿತ ಮಾಹಿತಿ ಮೇರೆಗೆ ಪೊಲೀಸರು ಆತನನ್ನು ವಶಕ್ಕೆ ಪಡೆದಿದ್ದಾರೆ.
